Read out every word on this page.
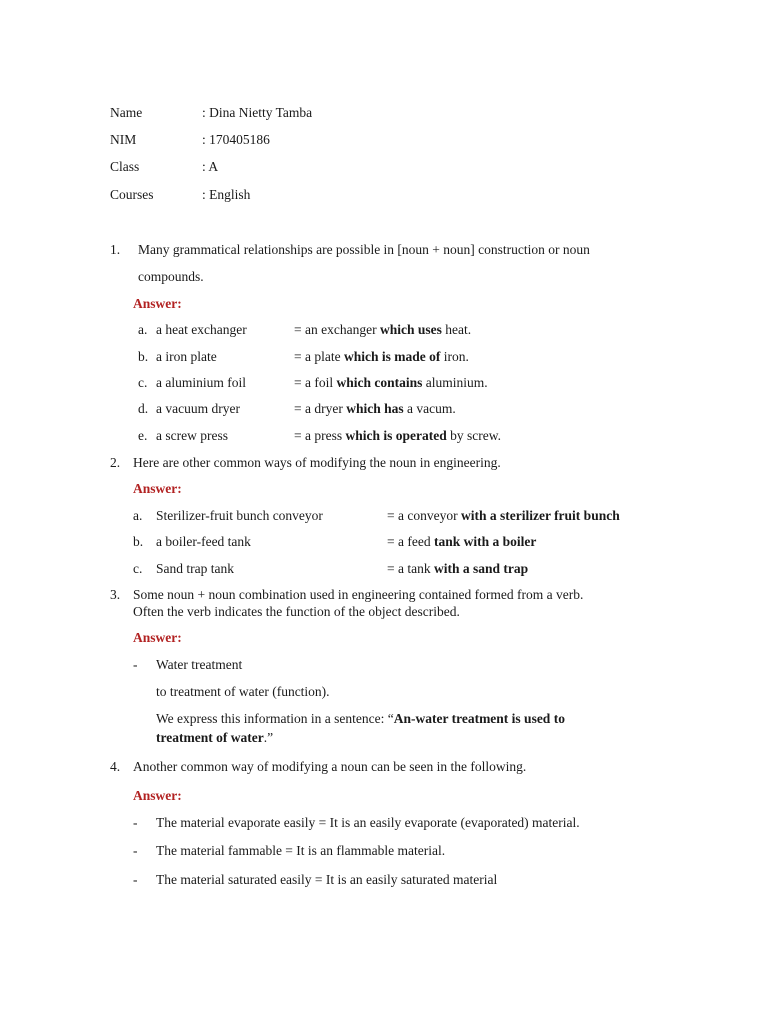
Name	: Dina Nietty Tamba
NIM	: 170405186
Class	: A
Courses	: English
1. Many grammatical relationships are possible in [noun + noun] construction or noun
compounds.
Answer:
a. a heat exchanger	= an exchanger which uses heat.
b. a iron plate	= a plate which is made of iron.
c. a aluminium foil	= a foil which contains aluminium.
d. a vacuum dryer	= a dryer which has a vacum.
e. a screw press	= a press which is operated by screw.
2. Here are other common ways of modifying the noun in engineering.
Answer:
a. Sterilizer-fruit bunch conveyor	= a conveyor with a sterilizer fruit bunch
b. a boiler-feed tank	= a feed tank with a boiler
c. Sand trap tank	= a tank with a sand trap
3. Some noun + noun combination used in engineering contained formed from a verb.
Often the verb indicates the function of the object described.
Answer:
- Water treatment
to treatment of water (function).
We express this information in a sentence: “An-water treatment is used to
treatment of water.”
4. Another common way of modifying a noun can be seen in the following.
Answer:
- The material evaporate easily = It is an easily evaporate (evaporated) material.
- The material fammable = It is an flammable material.
- The material saturated easily = It is an easily saturated material
